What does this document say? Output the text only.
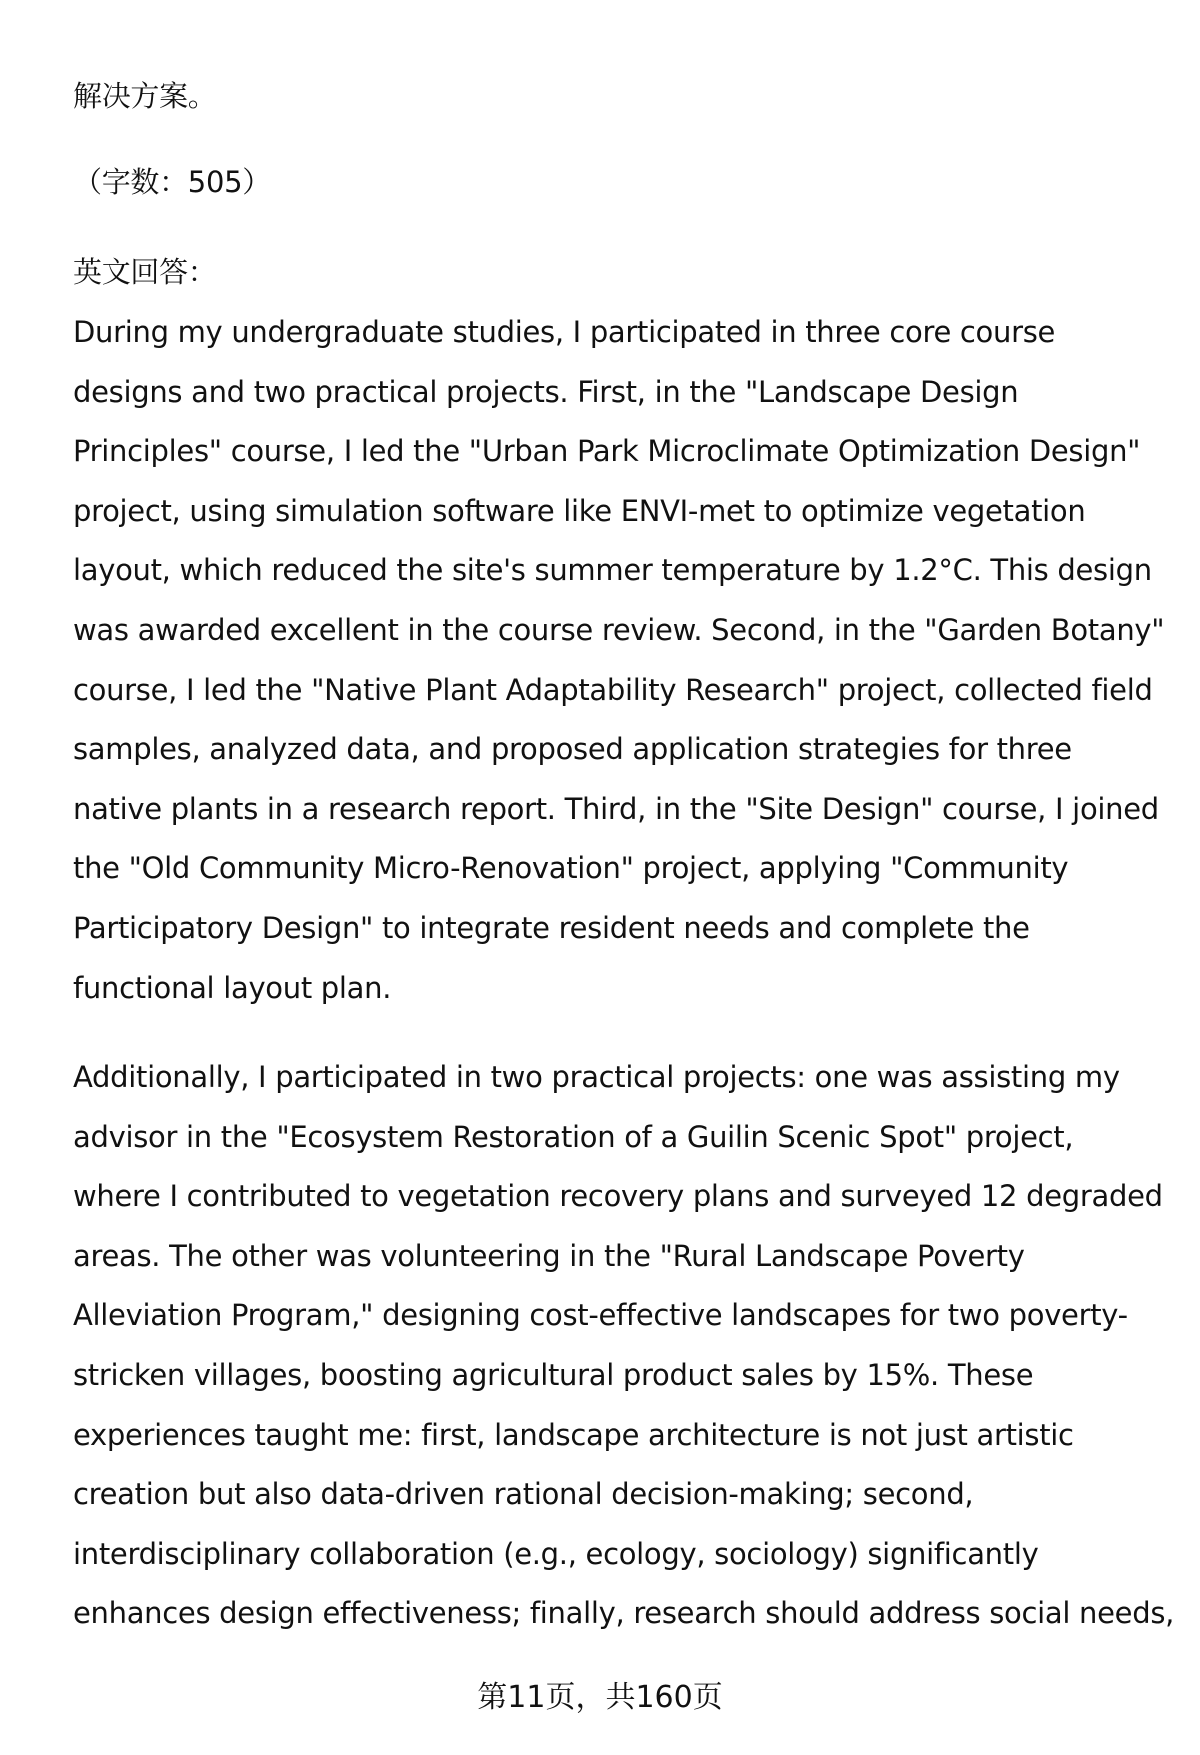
解决方案。
（字数：505）
英文回答：
During my undergraduate studies, I participated in three core course
designs and two practical projects. First, in the "Landscape Design
Principles" course, I led the "Urban Park Microclimate Optimization Design"
project, using simulation software like ENVI-met to optimize vegetation
layout, which reduced the site's summer temperature by 1.2°C. This design
was awarded excellent in the course review. Second, in the "Garden Botany"
course, I led the "Native Plant Adaptability Research" project, collected field
samples, analyzed data, and proposed application strategies for three
native plants in a research report. Third, in the "Site Design" course, I joined
the "Old Community Micro-Renovation" project, applying "Community
Participatory Design" to integrate resident needs and complete the
functional layout plan.
Additionally, I participated in two practical projects: one was assisting my
advisor in the "Ecosystem Restoration of a Guilin Scenic Spot" project,
where I contributed to vegetation recovery plans and surveyed 12 degraded
areas. The other was volunteering in the "Rural Landscape Poverty
Alleviation Program," designing cost-effective landscapes for two poverty-
stricken villages, boosting agricultural product sales by 15%. These
experiences taught me: first, landscape architecture is not just artistic
creation but also data-driven rational decision-making; second,
interdisciplinary collaboration (e.g., ecology, sociology) significantly
enhances design effectiveness; finally, research should address social needs,
第11页，共160页
